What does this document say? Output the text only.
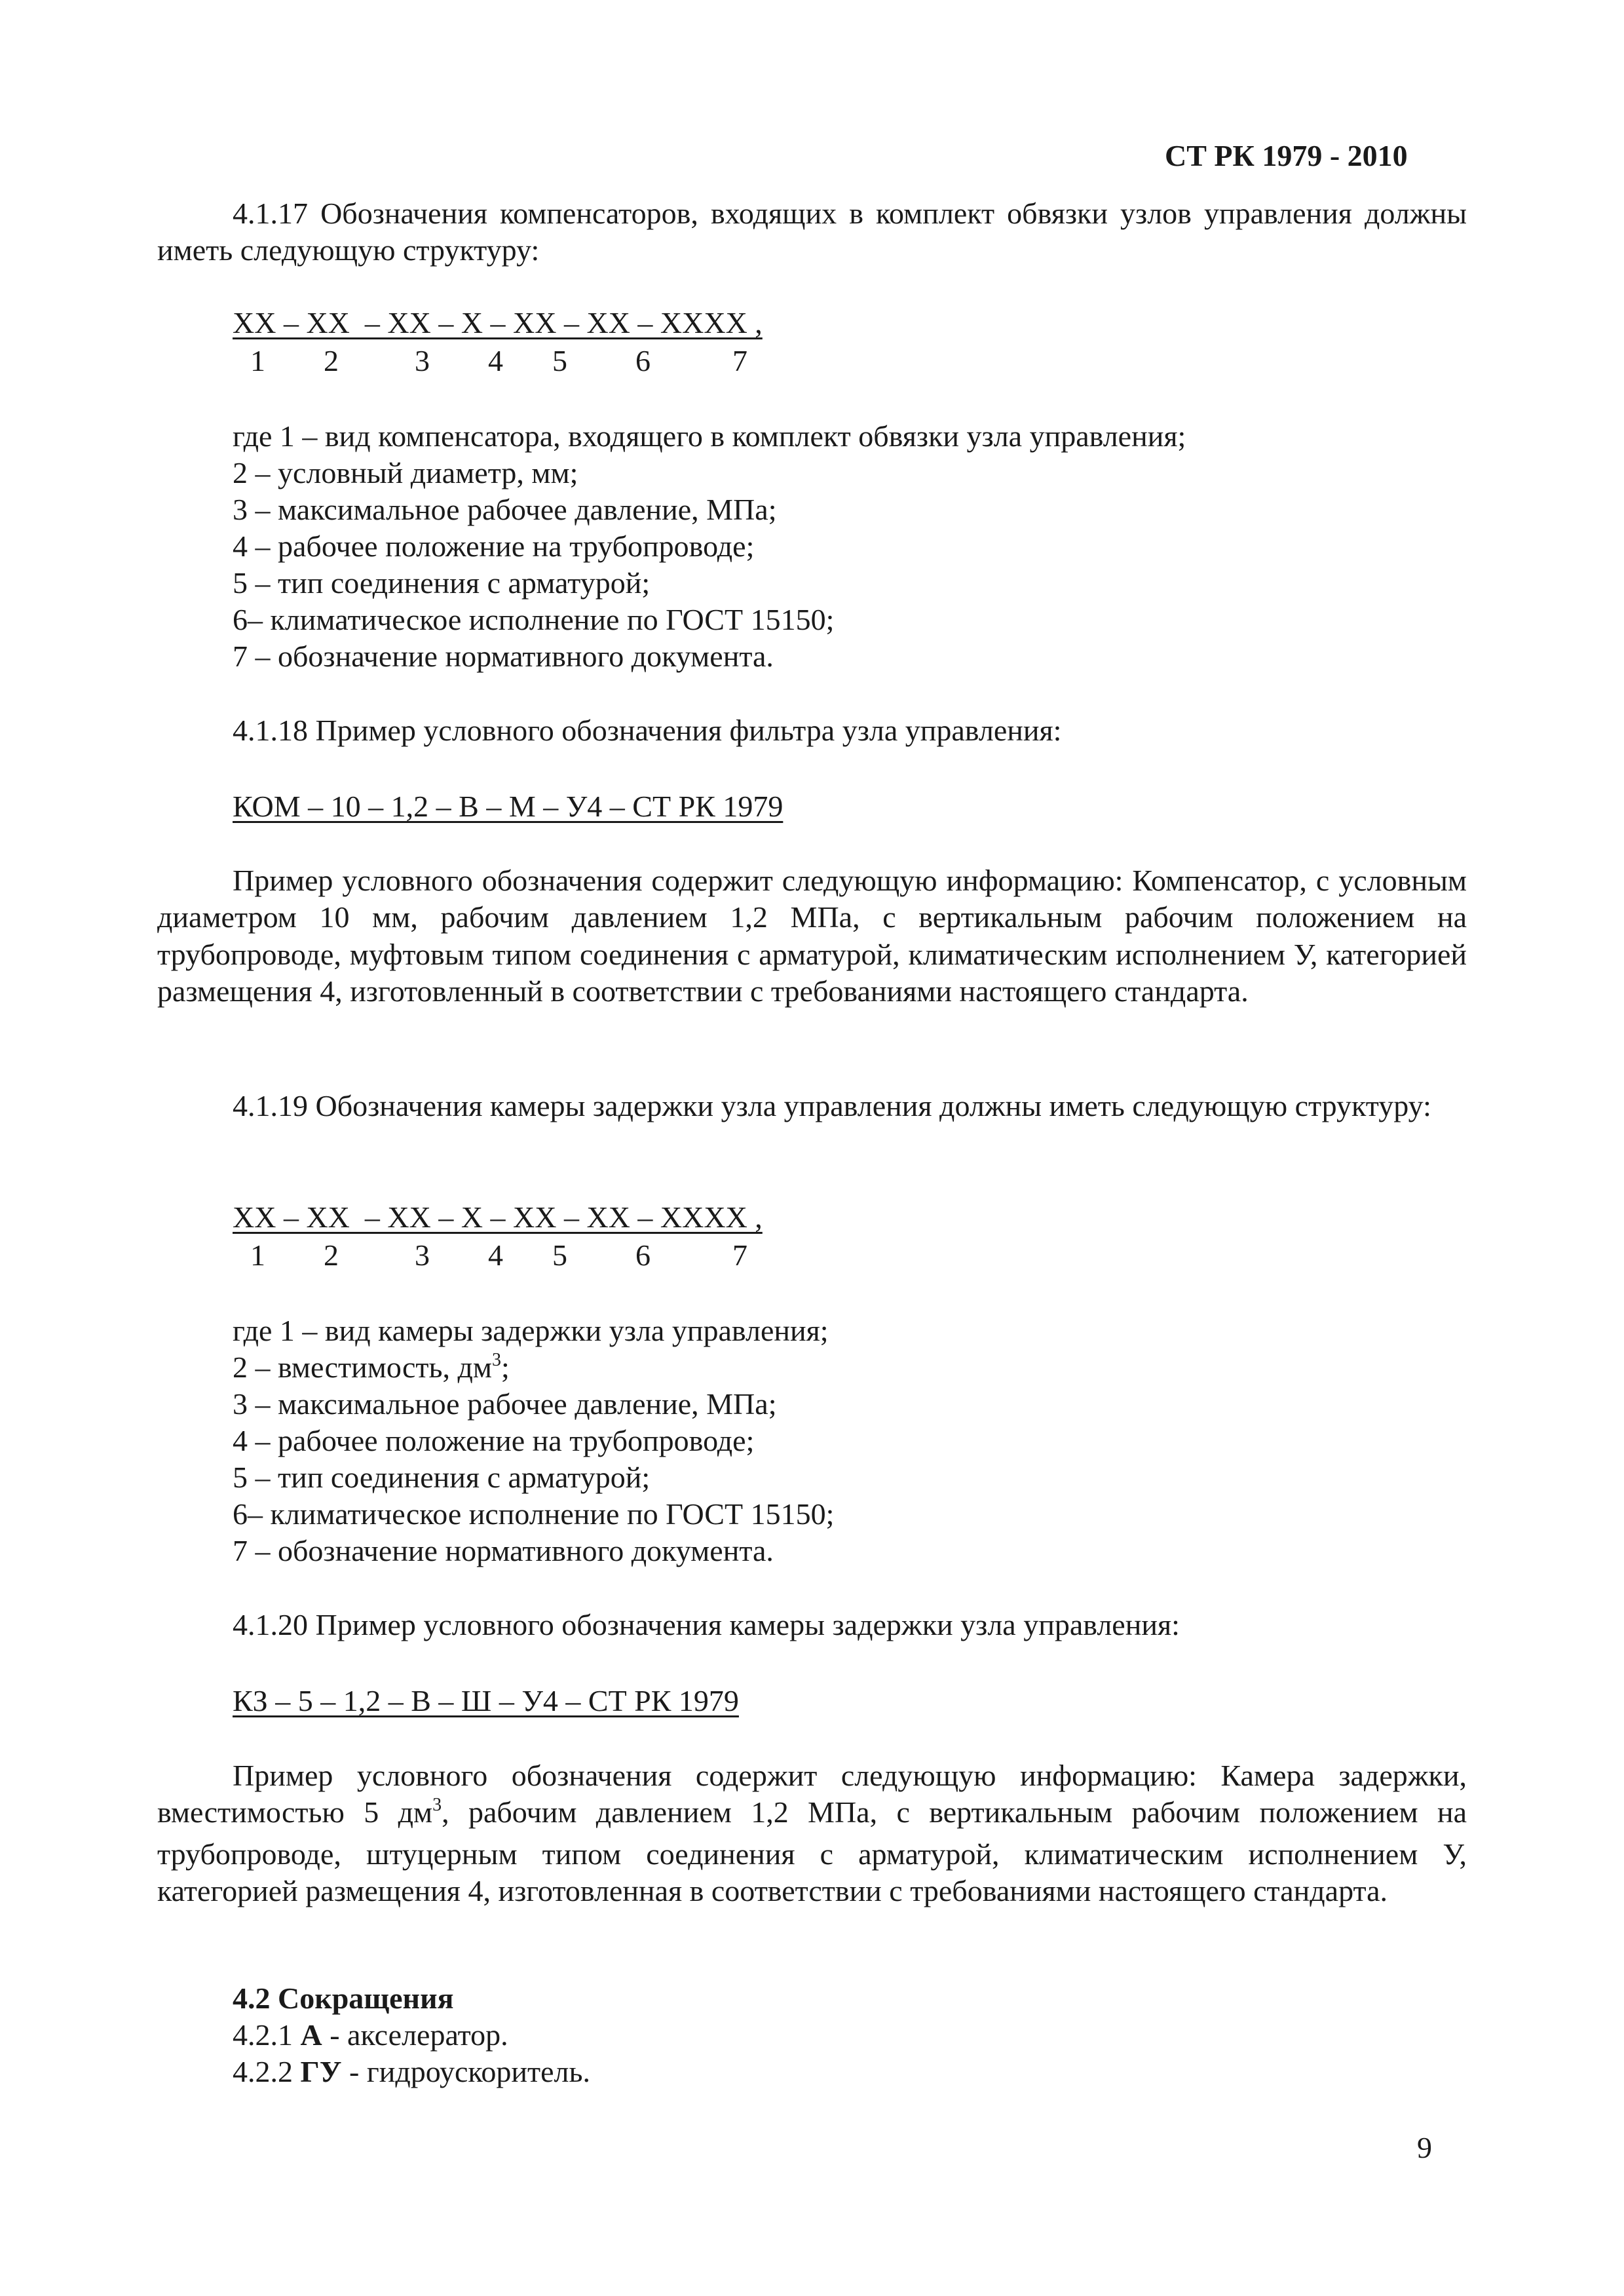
СТ РК 1979 - 2010

4.1.17 Обозначения компенсаторов, входящих в комплект обвязки узлов управления должны иметь следующую структуру:

XX – XX  – XX – X – XX – XX – XXXX ,
1 2	3 4 5 6	7
где 1 – вид компенсатора, входящего в комплект обвязки узла управления;
2 – условный диаметр, мм;
3 – максимальное рабочее давление, МПа;
4 – рабочее положение на трубопроводе;
5 – тип соединения с арматурой;
6– климатическое исполнение по ГОСТ 15150;
7 – обозначение нормативного документа.
4.1.18 Пример условного обозначения фильтра узла управления:
КОМ – 10 – 1,2 – В – М – У4 – СТ РК 1979

Пример условного обозначения содержит следующую информацию: Компенсатор, с условным диаметром 10 мм, рабочим давлением 1,2 МПа, с вертикальным рабочим положением на трубопроводе, муфтовым типом соединения с арматурой, климатическим исполнением У, категорией размещения 4, изготовленный в соответствии с требованиями настоящего стандарта.

4.1.19 Обозначения камеры задержки узла управления должны иметь следующую структуру:

XX – XX  – XX – X – XX – XX – XXXX ,
1 2	3 4 5 6	7
где 1 – вид камеры задержки узла управления;
2 – вместимость, $дм^3$;
3 – максимальное рабочее давление, МПа;
4 – рабочее положение на трубопроводе;
5 – тип соединения с арматурой;
6– климатическое исполнение по ГОСТ 15150;
7 – обозначение нормативного документа.
4.1.20 Пример условного обозначения камеры задержки узла управления:
КЗ – 5 – 1,2 – В – Ш – У4 – СТ РК 1979

Пример условного обозначения содержит следующую информацию: Камера задержки, вместимостью 5 $дм^3$, рабочим давлением 1,2 МПа, с вертикальным рабочим положением на трубопроводе, штуцерным типом соединения с арматурой, климатическим исполнением У, категорией размещения 4, изготовленная в соответствии с требованиями настоящего стандарта.

4.2 Сокращения
4.2.1 А - акселератор.
4.2.2 ГУ - гидроускоритель.
9
